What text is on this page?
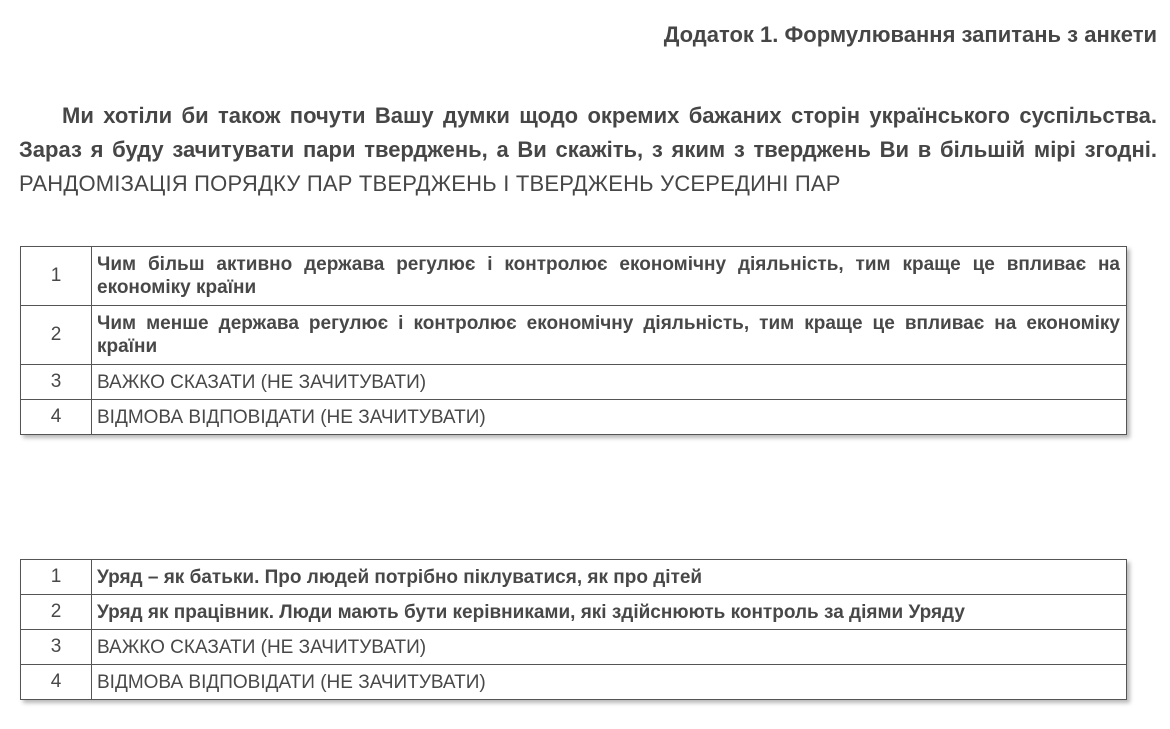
Додаток 1. Формулювання запитань з анкети

Ми хотіли би також почути Вашу думки щодо окремих бажаних сторін українського суспільства. Зараз я буду зачитувати пари тверджень, а Ви скажіть, з яким з тверджень Ви в більшій мірі згодні. РАНДОМІЗАЦІЯ ПОРЯДКУ ПАР ТВЕРДЖЕНЬ І ТВЕРДЖЕНЬ УСЕРЕДИНІ ПАР

1	Чим більш активно держава регулює і контролює економічну діяльність, тим краще це впливає на економіку країни
2	Чим менше держава регулює і контролює економічну діяльність, тим краще це впливає на економіку країни
3	ВАЖКО СКАЗАТИ (НЕ ЗАЧИТУВАТИ)
4	ВІДМОВА ВІДПОВІДАТИ (НЕ ЗАЧИТУВАТИ)
1	Уряд – як батьки. Про людей потрібно піклуватися, як про дітей
2	Уряд як працівник. Люди мають бути керівниками, які здійснюють контроль за діями Уряду
3	ВАЖКО СКАЗАТИ (НЕ ЗАЧИТУВАТИ)
4	ВІДМОВА ВІДПОВІДАТИ (НЕ ЗАЧИТУВАТИ)
